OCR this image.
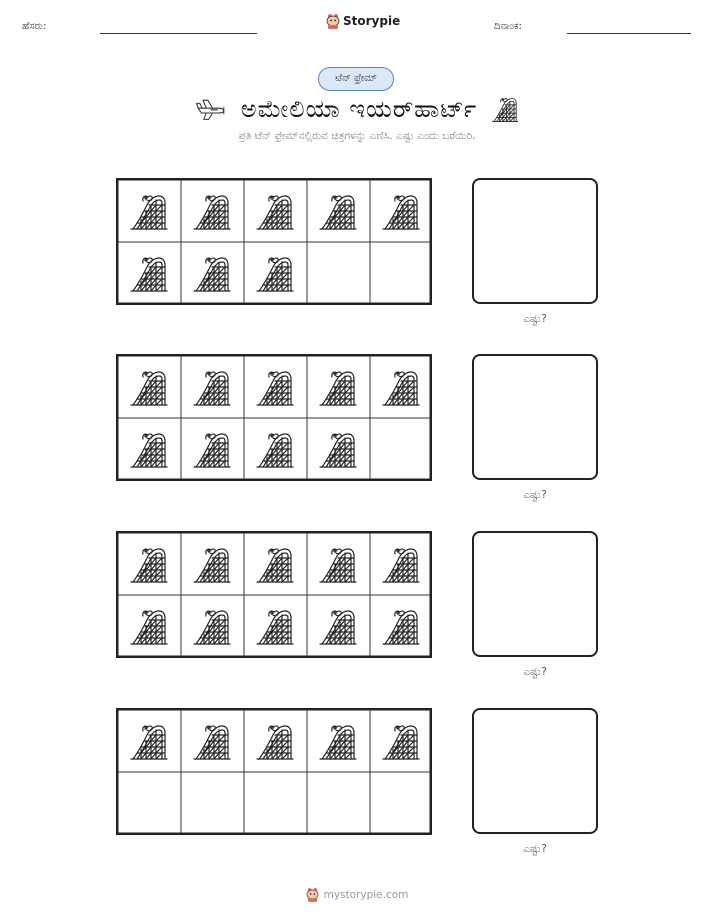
ಹೆಸರು:	Storypie	ದಿನಾಂಕ:
ಟೆನ್ ಫ್ರೇಮ್
ಅಮೇಲಿಯಾ ಇಯರ್‌ಹಾರ್ಟ್
ಪ್ರತಿ ಟೆನ್ ಫ್ರೇಮ್‌ನಲ್ಲಿರುವ ಚಿತ್ರಗಳನ್ನು ಎಣಿಸಿ. ಎಷ್ಟು ಎಂದು ಬರೆಯಿರಿ.
ಎಷ್ಟು?
ಎಷ್ಟು?
ಎಷ್ಟು?
ಎಷ್ಟು?
mystorypie.com
